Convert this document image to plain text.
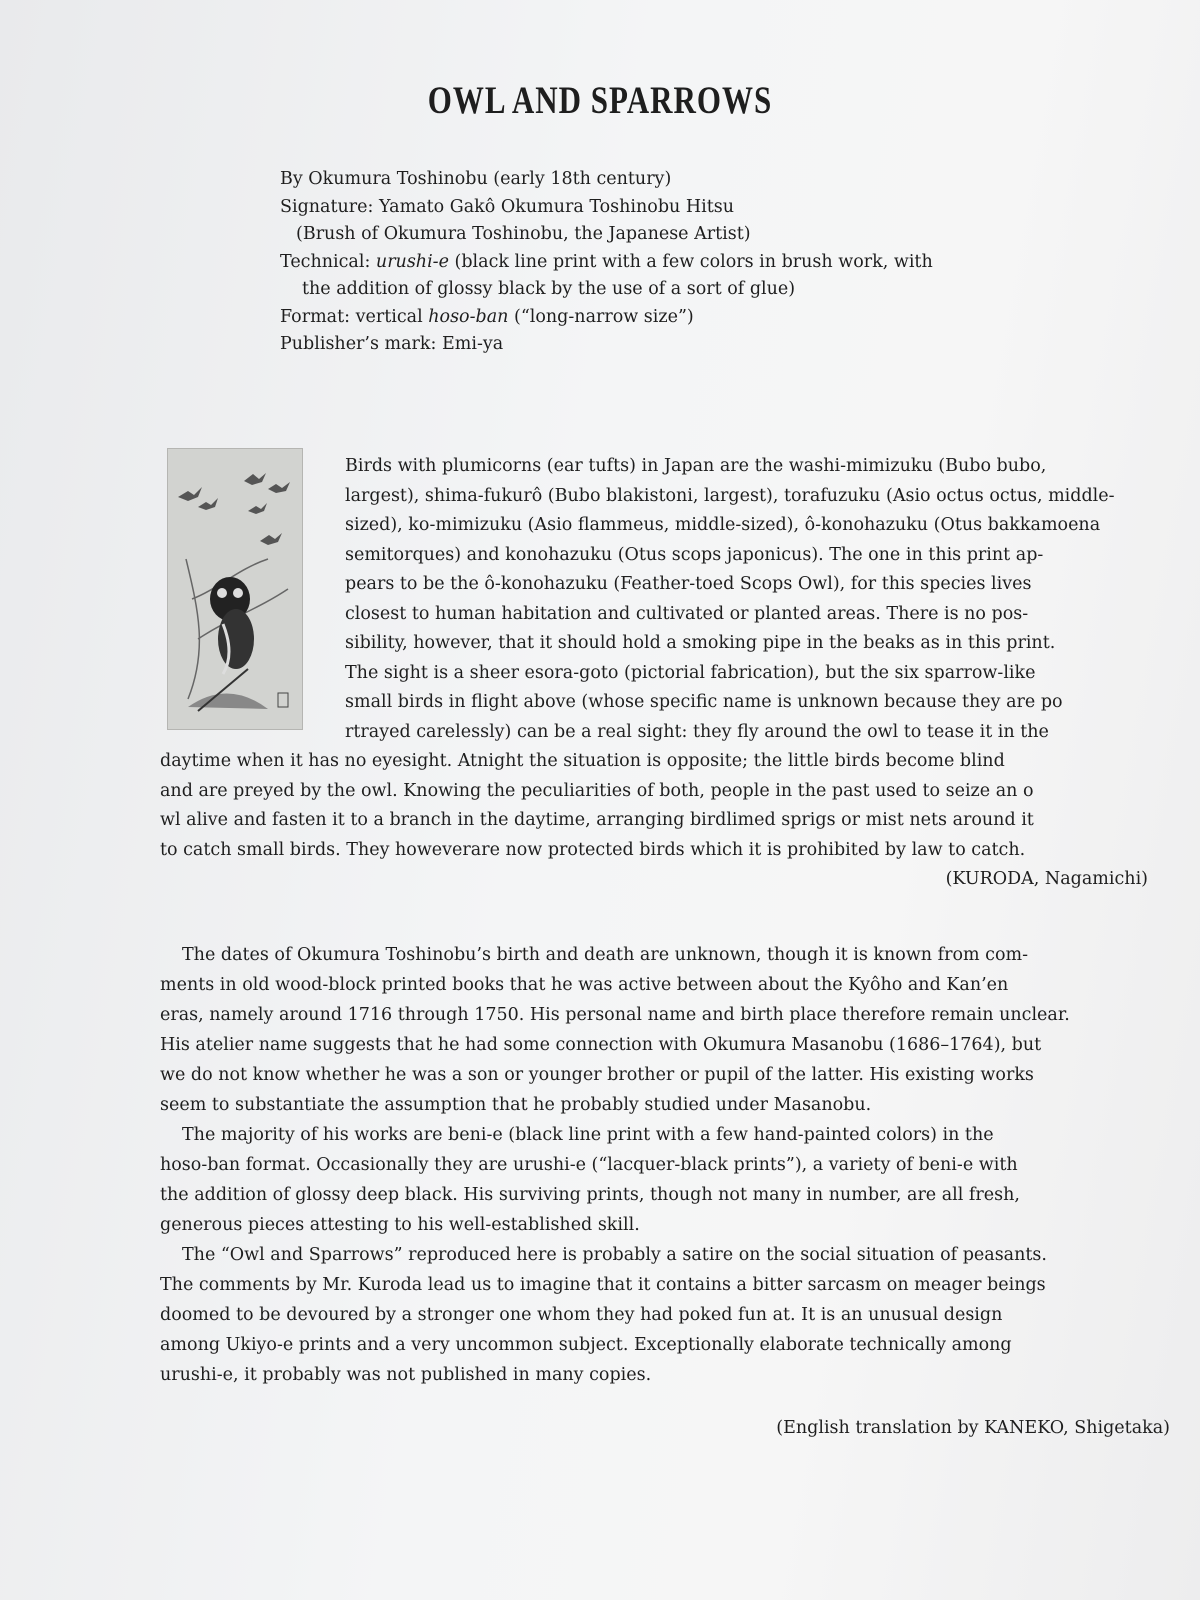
OWL AND SPARROWS
By Okumura Toshinobu (early 18th century)
Signature: Yamato Gakô Okumura Toshinobu Hitsu
(Brush of Okumura Toshinobu, the Japanese Artist)
Technical: urushi-e (black line print with a few colors in brush work, with
the addition of glossy black by the use of a sort of glue)
Format: vertical hoso-ban (“long-narrow size”)
Publisher’s mark: Emi-ya
Birds with plumicorns (ear tufts) in Japan are the washi-mimizuku (Bubo bubo,
largest), shima-fukurô (Bubo blakistoni, largest), torafuzuku (Asio octus octus, middle-
sized), ko-mimizuku (Asio flammeus, middle-sized), ô-konohazuku (Otus bakkamoena
semitorques) and konohazuku (Otus scops japonicus). The one in this print ap-
pears to be the ô-konohazuku (Feather-toed Scops Owl), for this species lives
closest to human habitation and cultivated or planted areas. There is no pos-
sibility, however, that it should hold a smoking pipe in the beaks as in this print.
The sight is a sheer esora-goto (pictorial fabrication), but the six sparrow-like
small birds in flight above (whose specific name is unknown because they are po
rtrayed carelessly) can be a real sight: they fly around the owl to tease it in the
daytime when it has no eyesight. Atnight the situation is opposite; the little birds become blind
and are preyed by the owl. Knowing the peculiarities of both, people in the past used to seize an o
wl alive and fasten it to a branch in the daytime, arranging birdlimed sprigs or mist nets around it
to catch small birds. They howeverare now protected birds which it is prohibited by law to catch.
(KURODA, Nagamichi)
The dates of Okumura Toshinobu’s birth and death are unknown, though it is known from com-
ments in old wood-block printed books that he was active between about the Kyôho and Kan’en
eras, namely around 1716 through 1750. His personal name and birth place therefore remain unclear.
His atelier name suggests that he had some connection with Okumura Masanobu (1686–1764), but
we do not know whether he was a son or younger brother or pupil of the latter. His existing works
seem to substantiate the assumption that he probably studied under Masanobu.
The majority of his works are beni-e (black line print with a few hand-painted colors) in the
hoso-ban format. Occasionally they are urushi-e (“lacquer-black prints”), a variety of beni-e with
the addition of glossy deep black. His surviving prints, though not many in number, are all fresh,
generous pieces attesting to his well-established skill.
The “Owl and Sparrows” reproduced here is probably a satire on the social situation of peasants.
The comments by Mr. Kuroda lead us to imagine that it contains a bitter sarcasm on meager beings
doomed to be devoured by a stronger one whom they had poked fun at. It is an unusual design
among Ukiyo-e prints and a very uncommon subject. Exceptionally elaborate technically among
urushi-e, it probably was not published in many copies.
(English translation by KANEKO, Shigetaka)
